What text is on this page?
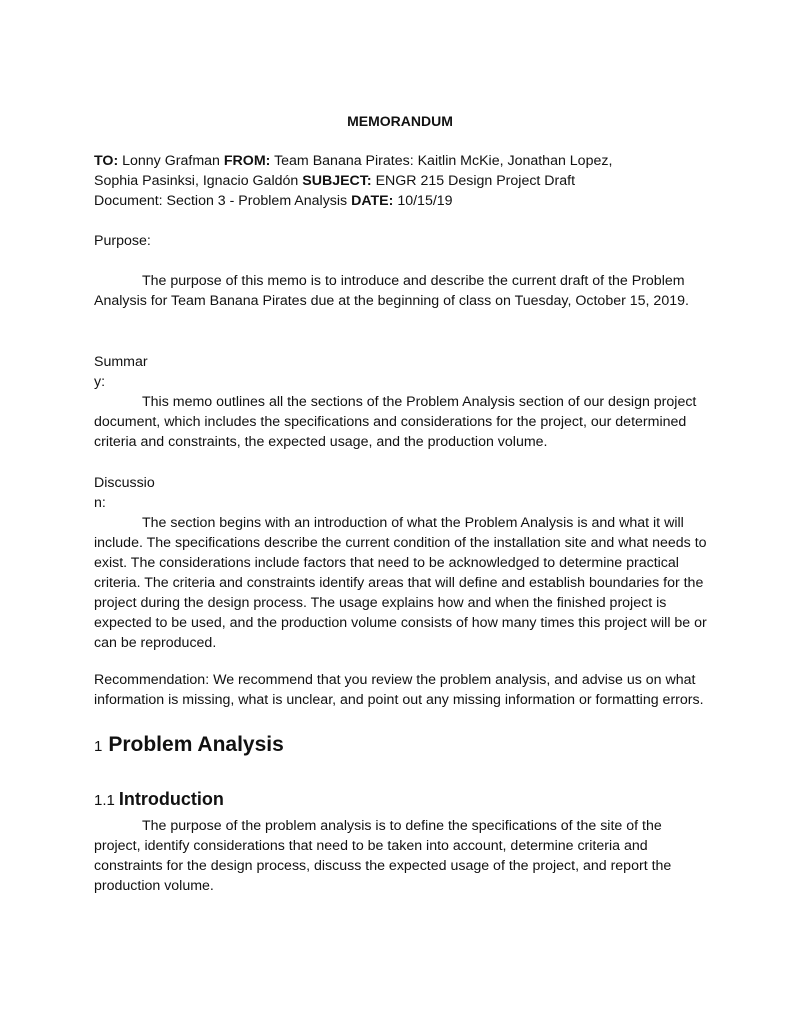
MEMORANDUM
TO: Lonny Grafman FROM: Team Banana Pirates: Kaitlin McKie, Jonathan Lopez,
Sophia Pasinksi, Ignacio Galdón SUBJECT: ENGR 215 Design Project Draft
Document: Section 3 - Problem Analysis DATE: 10/15/19
Purpose:
The purpose of this memo is to introduce and describe the current draft of the Problem Analysis for Team Banana Pirates due at the beginning of class on Tuesday, October 15, 2019.
Summary:
This memo outlines all the sections of the Problem Analysis section of our design project document, which includes the specifications and considerations for the project, our determined criteria and constraints, the expected usage, and the production volume.
Discussion:
The section begins with an introduction of what the Problem Analysis is and what it will include. The specifications describe the current condition of the installation site and what needs to exist. The considerations include factors that need to be acknowledged to determine practical criteria. The criteria and constraints identify areas that will define and establish boundaries for the project during the design process. The usage explains how and when the finished project is expected to be used, and the production volume consists of how many times this project will be or can be reproduced.
Recommendation: We recommend that you review the problem analysis, and advise us on what information is missing, what is unclear, and point out any missing information or formatting errors.
1 Problem Analysis
1.1 Introduction
The purpose of the problem analysis is to define the specifications of the site of the project, identify considerations that need to be taken into account, determine criteria and constraints for the design process, discuss the expected usage of the project, and report the production volume.
